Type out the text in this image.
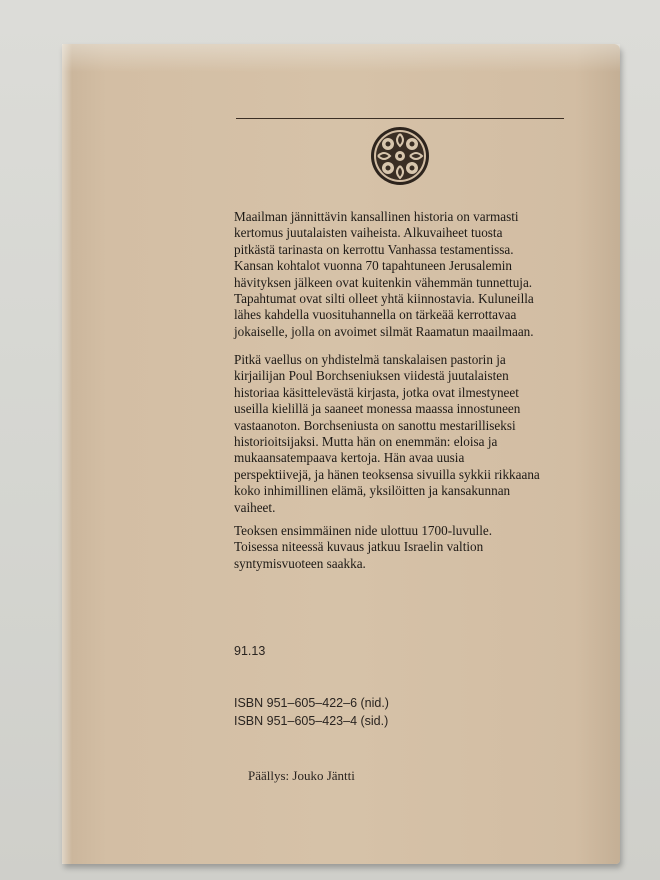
Maailman jännittävin kansallinen historia on varmasti
kertomus juutalaisten vaiheista. Alkuvaiheet tuosta
pitkästä tarinasta on kerrottu Vanhassa testamentissa.
Kansan kohtalot vuonna 70 tapahtuneen Jerusalemin
hävityksen jälkeen ovat kuitenkin vähemmän tunnettuja.
Tapahtumat ovat silti olleet yhtä kiinnostavia. Kuluneilla
lähes kahdella vuosituhannella on tärkeää kerrottavaa
jokaiselle, jolla on avoimet silmät Raamatun maailmaan.

Pitkä vaellus on yhdistelmä tanskalaisen pastorin ja
kirjailijan Poul Borchseniuksen viidestä juutalaisten
historiaa käsittelevästä kirjasta, jotka ovat ilmestyneet
useilla kielillä ja saaneet monessa maassa innostuneen
vastaanoton. Borchseniusta on sanottu mestarilliseksi
historioitsijaksi. Mutta hän on enemmän: eloisa ja
mukaansatempaava kertoja. Hän avaa uusia
perspektiivejä, ja hänen teoksensa sivuilla sykkii rikkaana
koko inhimillinen elämä, yksilöitten ja kansakunnan
vaiheet.

Teoksen ensimmäinen nide ulottuu 1700-luvulle.
Toisessa niteessä kuvaus jatkuu Israelin valtion
syntymisvuoteen saakka.

91.13

ISBN 951–605–422–6 (nid.)

ISBN 951–605–423–4 (sid.)

Päällys: Jouko Jäntti
